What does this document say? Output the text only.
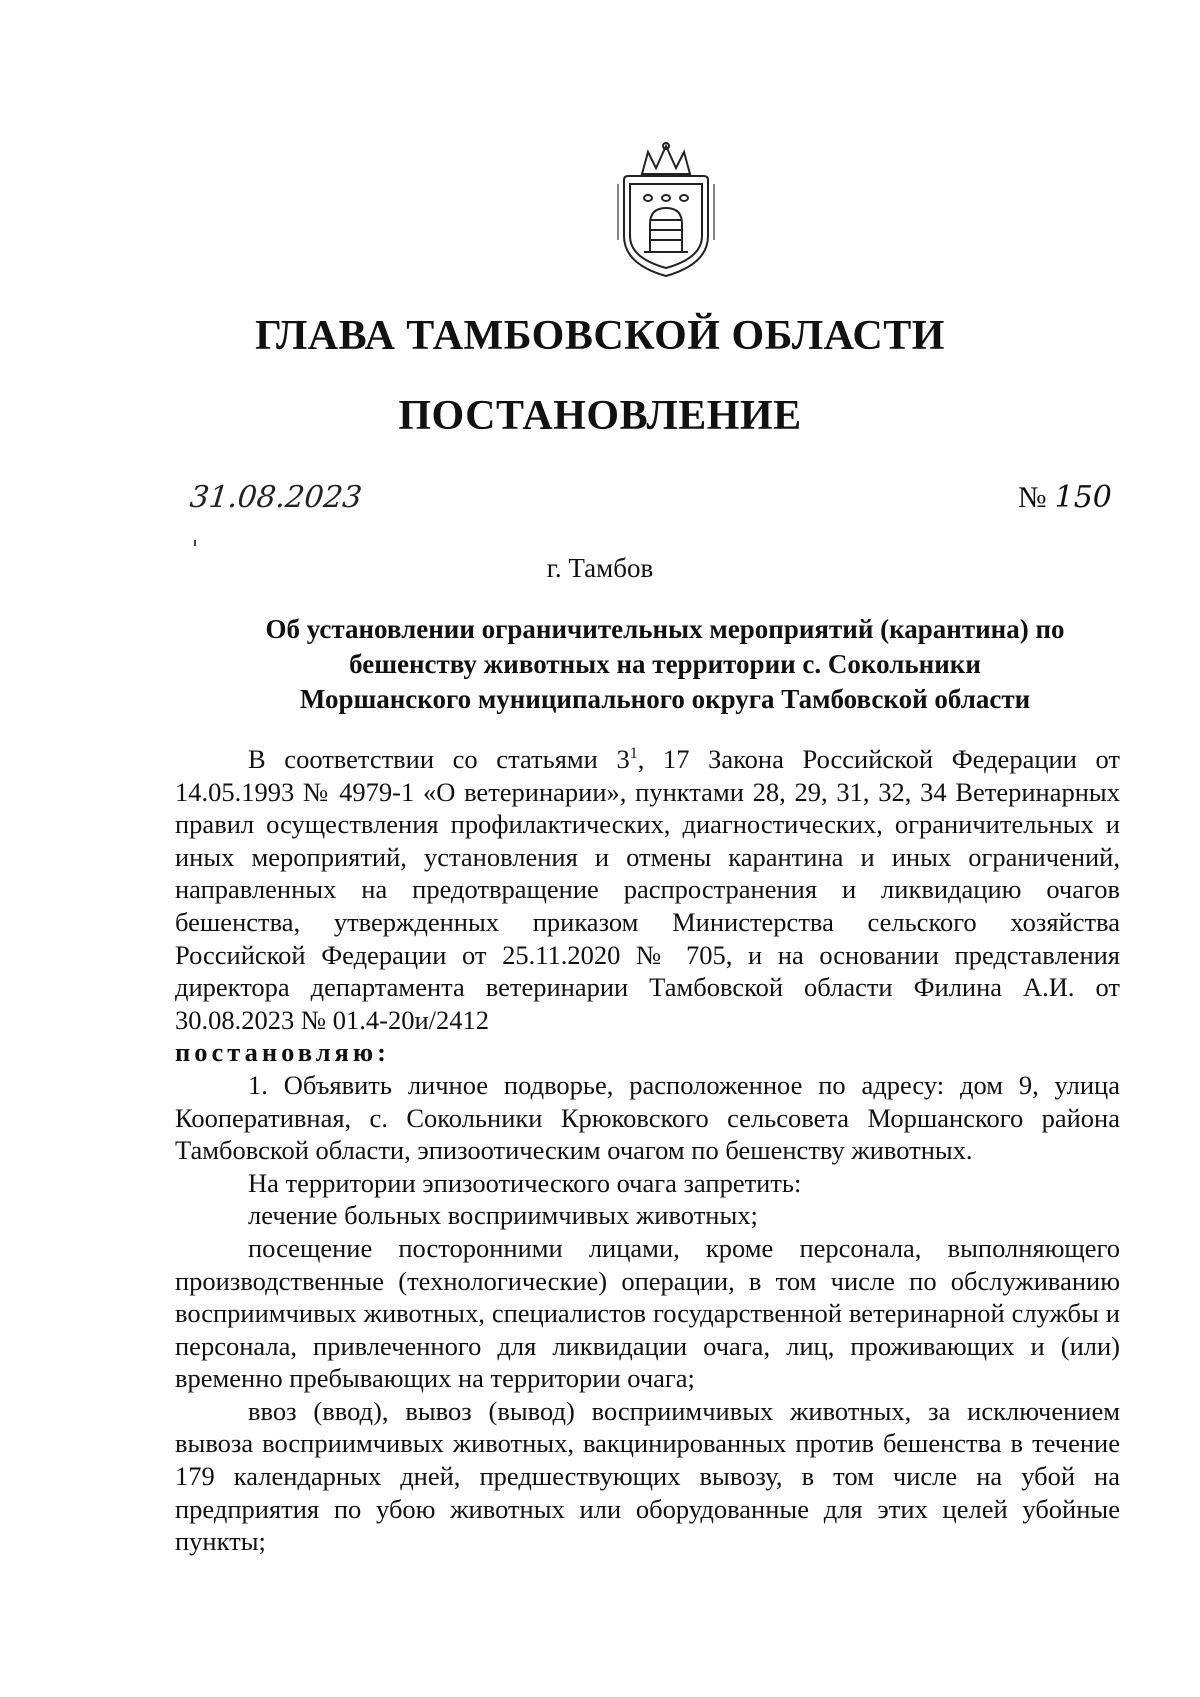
ГЛАВА ТАМБОВСКОЙ ОБЛАСТИ
ПОСТАНОВЛЕНИЕ
31.08.2023	№ 150
г. Тамбов
Об установлении ограничительных мероприятий (карантина) по
бешенству животных на территории с. Сокольники
Моршанского муниципального округа Тамбовской области

В соответствии со статьями $3^1$, 17 Закона Российской Федерации от 14.05.1993 № 4979-1 «О ветеринарии», пунктами 28, 29, 31, 32, 34 Ветеринарных правил осуществления профилактических, диагностических, ограничительных и иных мероприятий, установления и отмены карантина и иных ограничений, направленных на предотвращение распространения и ликвидацию очагов бешенства, утвержденных приказом Министерства сельского хозяйства Российской Федерации от 25.11.2020 № 705, и на основании представления директора департамента ветеринарии Тамбовской области Филина А.И. от 30.08.2023 № 01.4-20и/2412

постановляю:

1. Объявить личное подворье, расположенное по адресу: дом 9, улица Кооперативная, с. Сокольники Крюковского сельсовета Моршанского района Тамбовской области, эпизоотическим очагом по бешенству животных.

На территории эпизоотического очага запретить:

лечение больных восприимчивых животных;

посещение посторонними лицами, кроме персонала, выполняющего производственные (технологические) операции, в том числе по обслуживанию восприимчивых животных, специалистов государственной ветеринарной службы и персонала, привлеченного для ликвидации очага, лиц, проживающих и (или) временно пребывающих на территории очага;

ввоз (ввод), вывоз (вывод) восприимчивых животных, за исключением вывоза восприимчивых животных, вакцинированных против бешенства в течение 179 календарных дней, предшествующих вывозу, в том числе на убой на предприятия по убою животных или оборудованные для этих целей убойные пункты;
